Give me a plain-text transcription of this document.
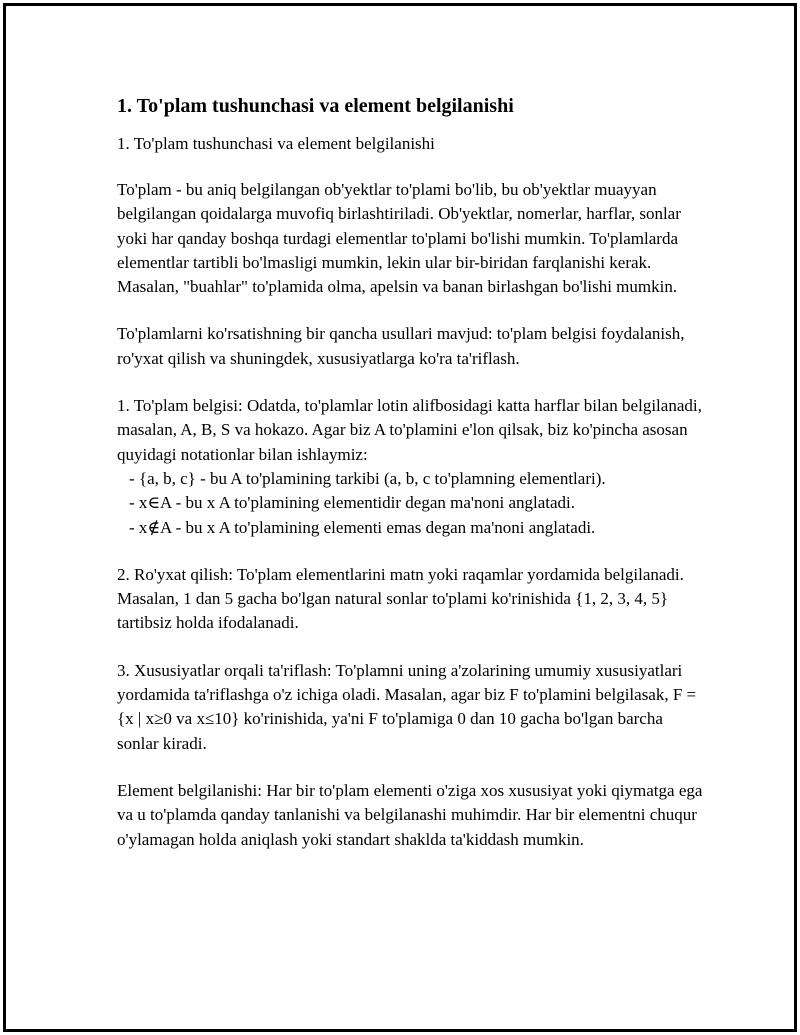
1. To'plam tushunchasi va element belgilanishi
1. To'plam tushunchasi va element belgilanishi

To'plam - bu aniq belgilangan ob'yektlar to'plami bo'lib, bu ob'yektlar muayyan belgilangan qoidalarga muvofiq birlashtiriladi. Ob'yektlar, nomerlar, harflar, sonlar yoki har qanday boshqa turdagi elementlar to'plami bo'lishi mumkin. To'plamlarda elementlar tartibli bo'lmasligi mumkin, lekin ular bir-biridan farqlanishi kerak. Masalan, "buahlar" to'plamida olma, apelsin va banan birlashgan bo'lishi mumkin.

To'plamlarni ko'rsatishning bir qancha usullari mavjud: to'plam belgisi foydalanish, ro'yxat qilish va shuningdek, xususiyatlarga ko'ra ta'riflash.

1. To'plam belgisi: Odatda, to'plamlar lotin alifbosidagi katta harflar bilan belgilanadi, masalan, A, B, S va hokazo. Agar biz A to'plamini e'lon qilsak, biz ko'pincha asosan quyidagi notationlar bilan ishlaymiz:

- {a, b, c} - bu A to'plamining tarkibi (a, b, c to'plamning elementlari).
- x∈A - bu x A to'plamining elementidir degan ma'noni anglatadi.
- x∉A - bu x A to'plamining elementi emas degan ma'noni anglatadi.

2. Ro'yxat qilish: To'plam elementlarini matn yoki raqamlar yordamida belgilanadi. Masalan, 1 dan 5 gacha bo'lgan natural sonlar to'plami ko'rinishida {1, 2, 3, 4, 5} tartibsiz holda ifodalanadi.

3. Xususiyatlar orqali ta'riflash: To'plamni uning a'zolarining umumiy xususiyatlari yordamida ta'riflashga o'z ichiga oladi. Masalan, agar biz F to'plamini belgilasak, F = {x | x≥0 va x≤10} ko'rinishida, ya'ni F to'plamiga 0 dan 10 gacha bo'lgan barcha sonlar kiradi.

Element belgilanishi: Har bir to'plam elementi o'ziga xos xususiyat yoki qiymatga ega va u to'plamda qanday tanlanishi va belgilanashi muhimdir. Har bir elementni chuqur o'ylamagan holda aniqlash yoki standart shaklda ta'kiddash mumkin.
